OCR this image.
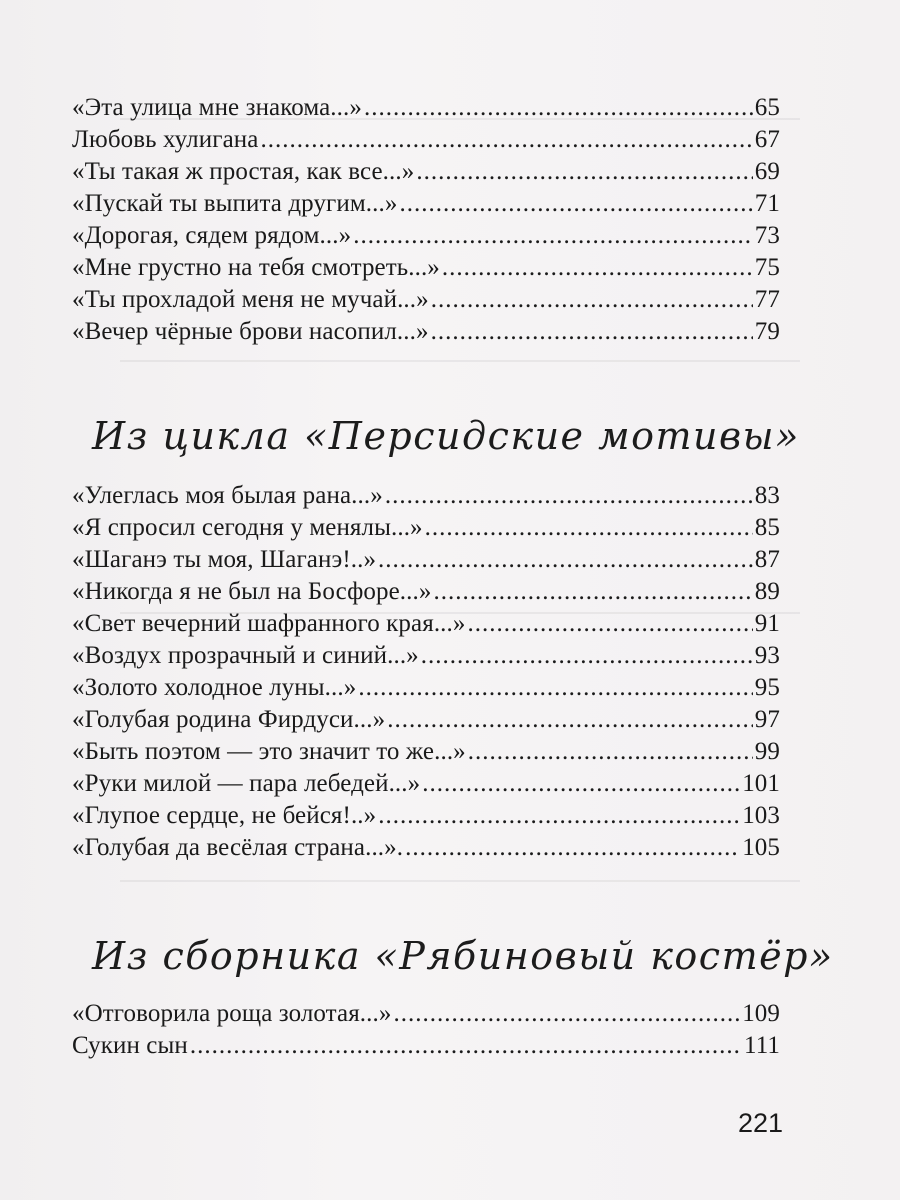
«Эта улица мне знакома...» .....	65
Любовь хулигана .....	67
«Ты такая ж простая, как все...» .....	69
«Пускай ты выпита другим...» .....	71
«Дорогая, сядем рядом...» .....	73
«Мне грустно на тебя смотреть...» .....	75
«Ты прохладой меня не мучай...» .....	77
«Вечер чёрные брови насопил...» .....	79
Из цикла «Персидские мотивы»
«Улеглась моя былая рана...» .....	83
«Я спросил сегодня у менялы...» .....	85
«Шаганэ ты моя, Шаганэ!..» .....	87
«Никогда я не был на Босфоре...» .....	89
«Свет вечерний шафранного края...» .....	91
«Воздух прозрачный и синий...» .....	93
«Золото холодное луны...» .....	95
«Голубая родина Фирдуси...» .....	97
«Быть поэтом — это значит то же...» .....	99
«Руки милой — пара лебедей...» .....	101
«Глупое сердце, не бейся!..» .....	103
«Голубая да весёлая страна...». .....	105
Из сборника «Рябиновый костёр»
«Отговорила роща золотая...» .....	109
Сукин сын .....	111
221
